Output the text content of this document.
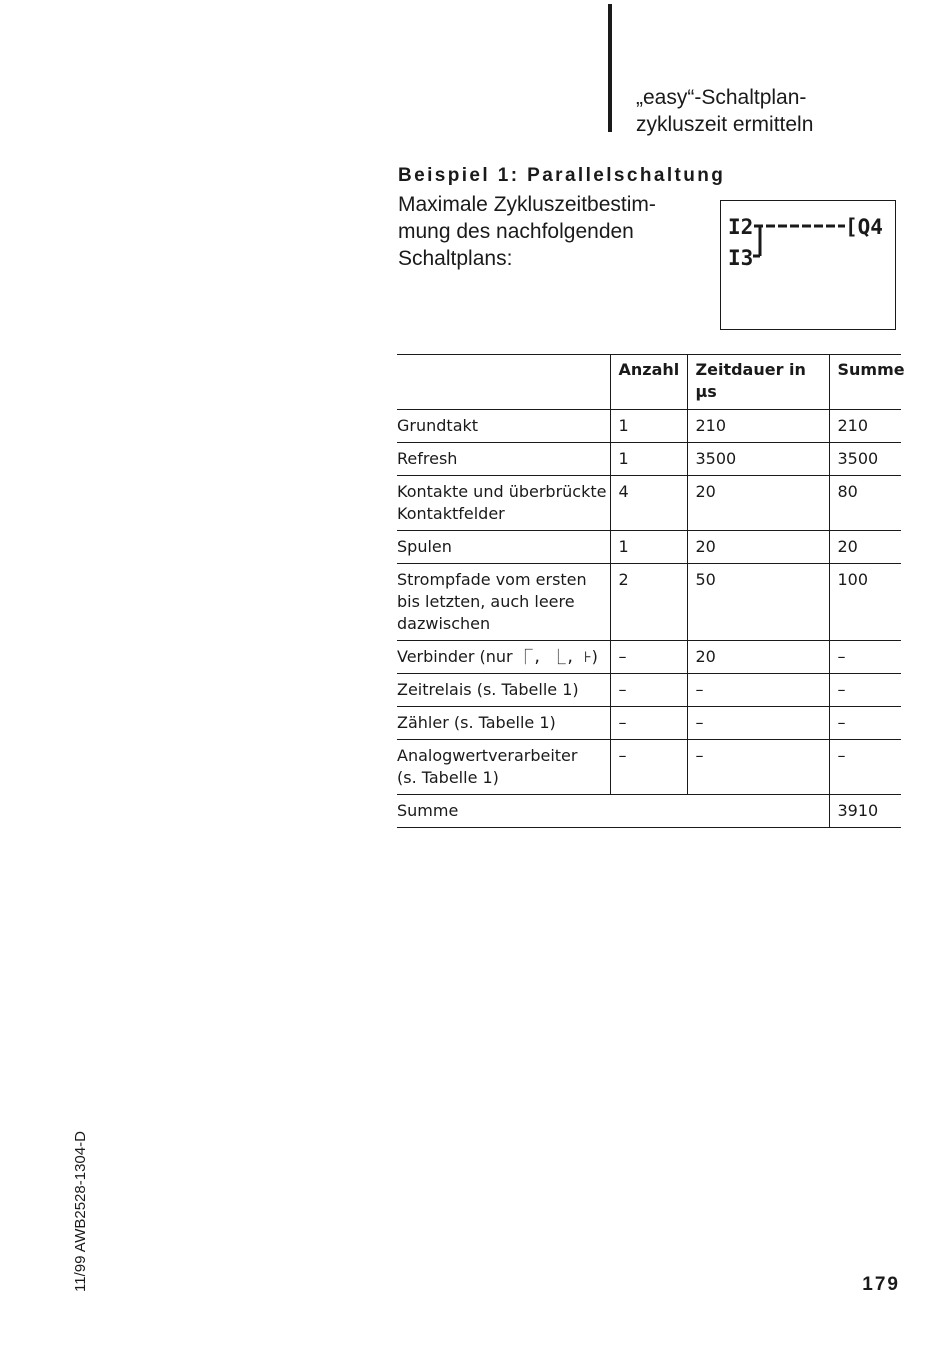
„easy“-Schaltplan-
zykluszeit ermitteln
Beispiel 1: Parallelschaltung
Maximale Zykluszeitbestim-
mung des nachfolgenden
Schaltplans:
I2
I3
[Q4
	Anzahl	Zeitdauer in µs	Summe
Grundtakt	1	210	210
Refresh	1	3500	3500

Kontakte und überbrückte
Kontaktfelder	4	20	80
Spulen	1	20	20

Strompfade vom ersten
bis letzten, auch leere
dazwischen	2	50	100
Verbinder (nur ⎾, ⎿, ⊦)	–	20	–
Zeitrelais (s. Tabelle 1)	–	–	–
Zähler (s. Tabelle 1)	–	–	–

Analogwertverarbeiter
(s. Tabelle 1)	–	–	–
Summe			3910
11/99 AWB2528-1304-D	179
